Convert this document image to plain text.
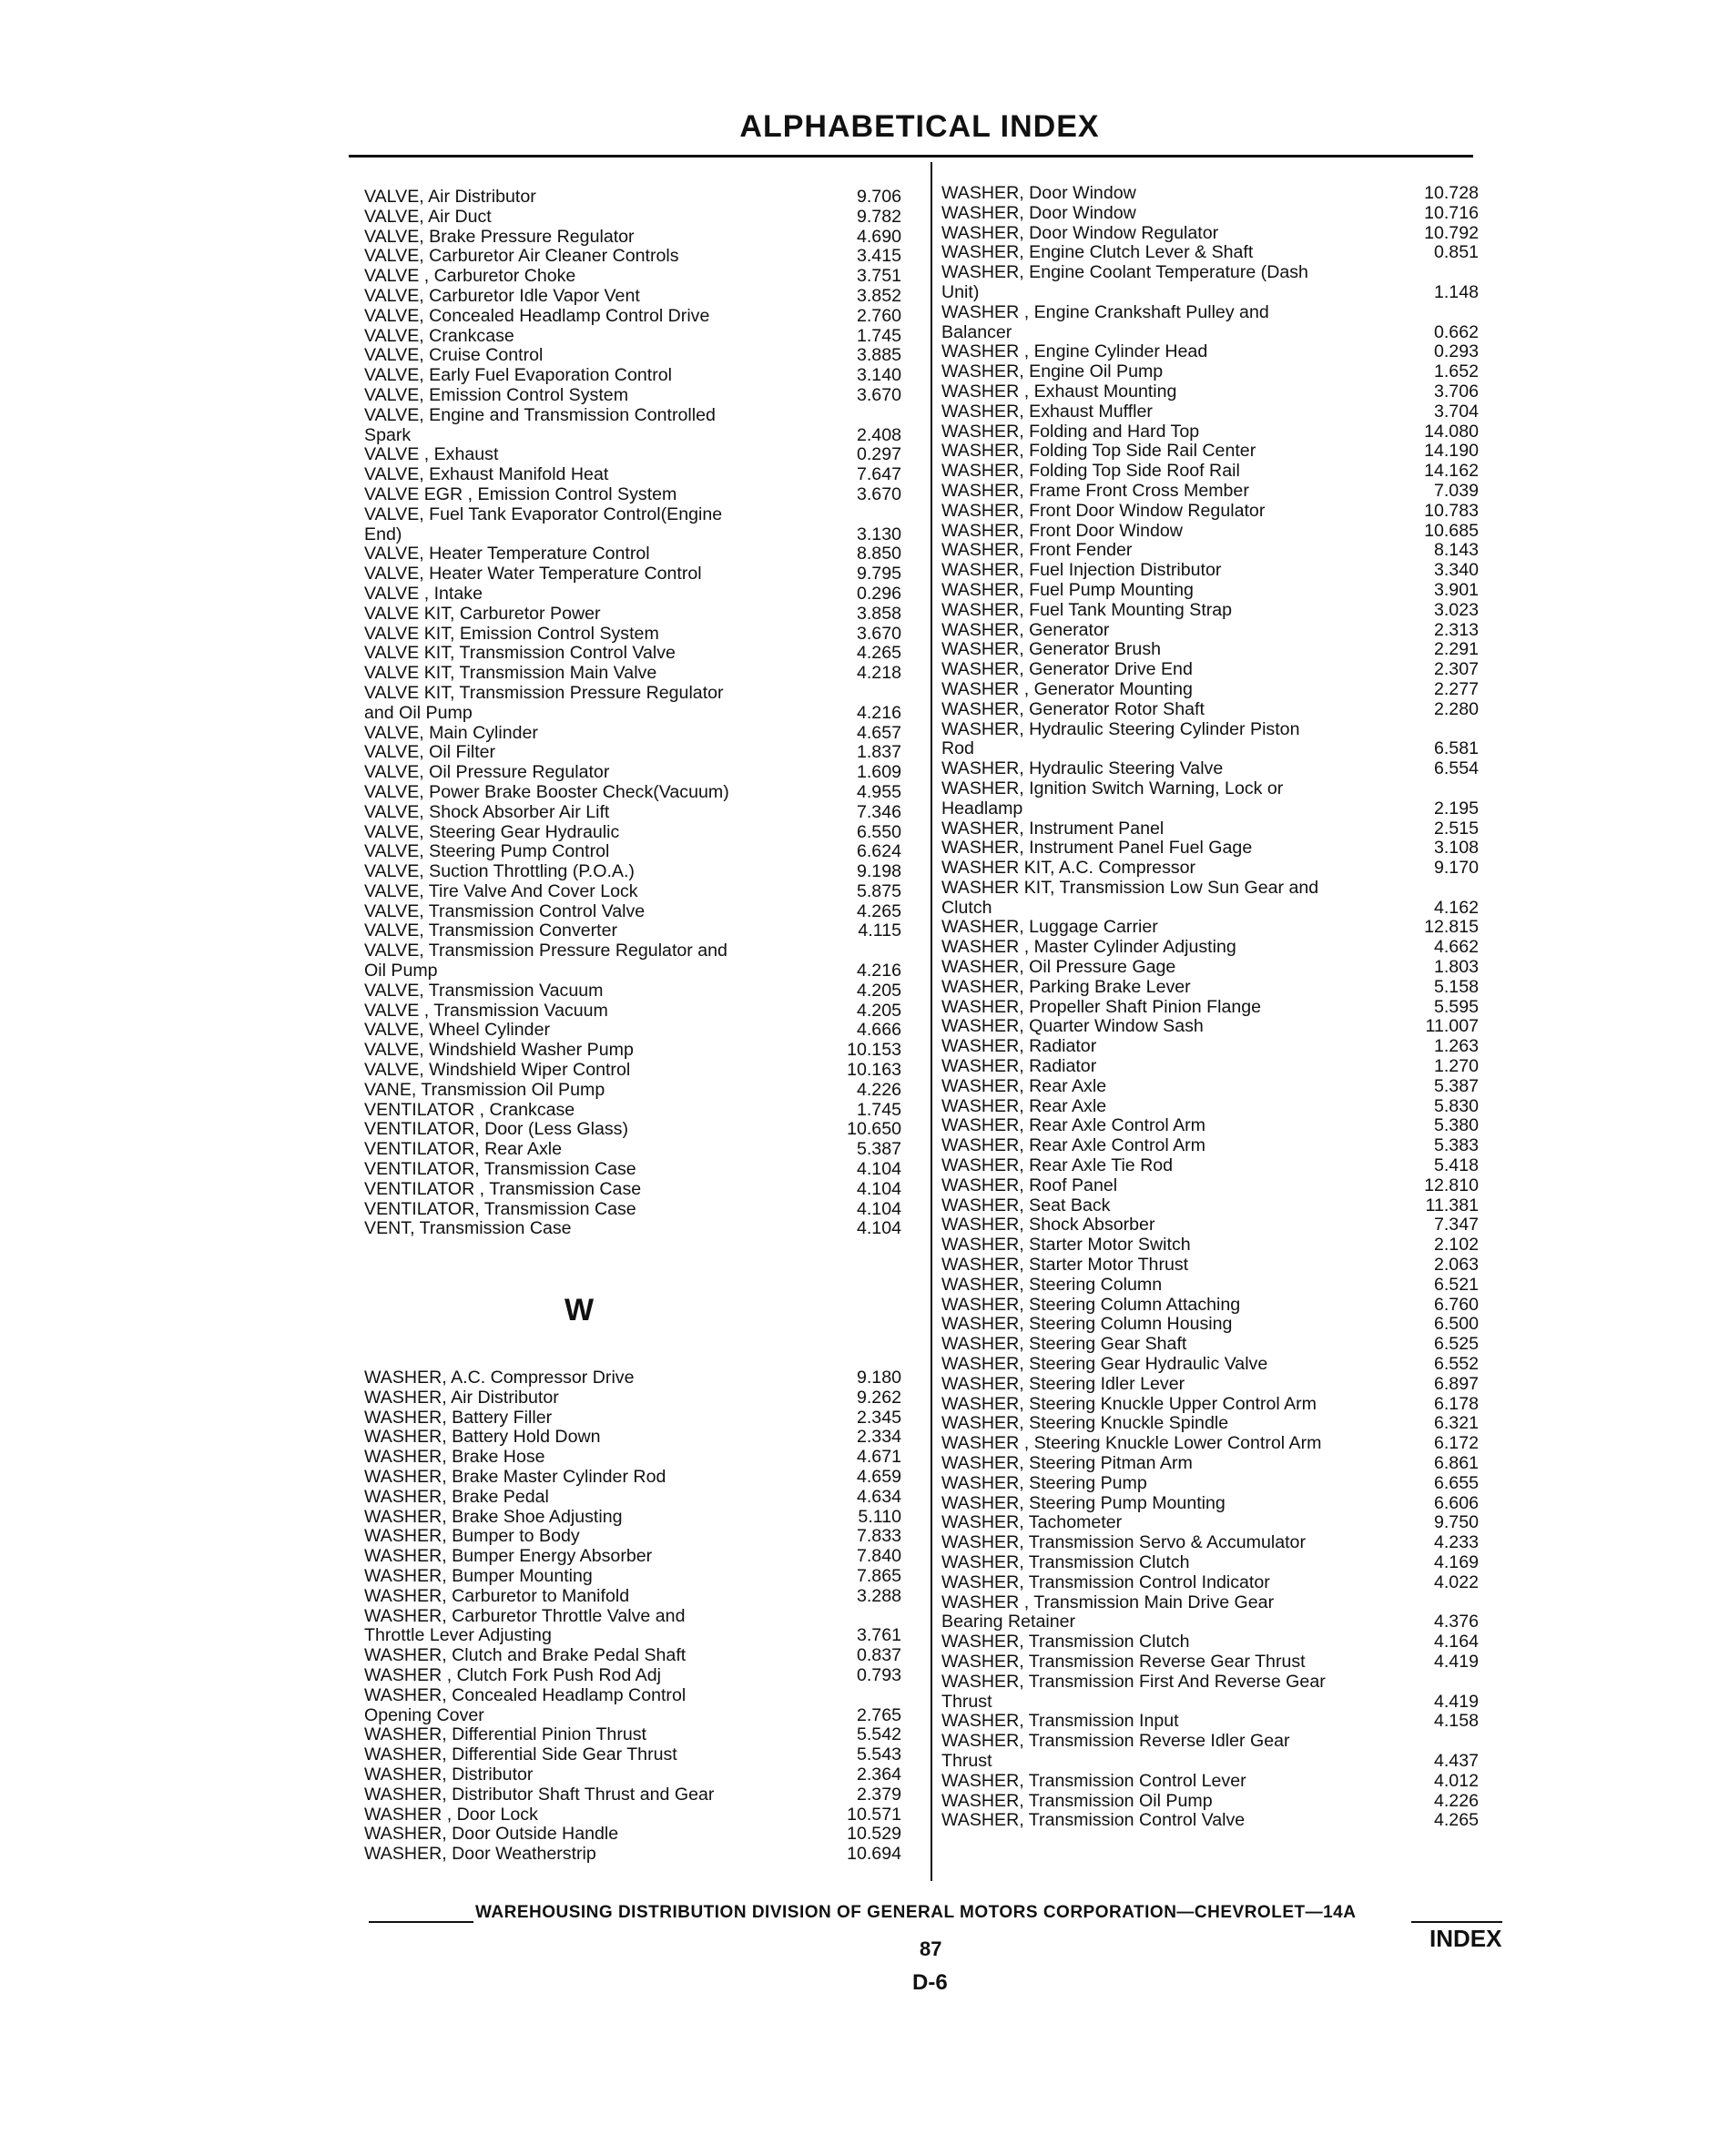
ALPHABETICAL INDEX
VALVE, Air Distributor	9.706
VALVE, Air Duct	9.782
VALVE, Brake Pressure Regulator	4.690
VALVE, Carburetor Air Cleaner Controls	3.415
VALVE , Carburetor Choke	3.751
VALVE, Carburetor Idle Vapor Vent	3.852
VALVE, Concealed Headlamp Control Drive	2.760
VALVE, Crankcase	1.745
VALVE, Cruise Control	3.885
VALVE, Early Fuel Evaporation Control	3.140
VALVE, Emission Control System	3.670
VALVE, Engine and Transmission Controlled
Spark	2.408
VALVE , Exhaust	0.297
VALVE, Exhaust Manifold Heat	7.647
VALVE EGR , Emission Control System	3.670
VALVE, Fuel Tank Evaporator Control(Engine
End)	3.130
VALVE, Heater Temperature Control	8.850
VALVE, Heater Water Temperature Control	9.795
VALVE , Intake	0.296
VALVE KIT, Carburetor Power	3.858
VALVE KIT, Emission Control System	3.670
VALVE KIT, Transmission Control Valve	4.265
VALVE KIT, Transmission Main Valve	4.218
VALVE KIT, Transmission Pressure Regulator
and Oil Pump	4.216
VALVE, Main Cylinder	4.657
VALVE, Oil Filter	1.837
VALVE, Oil Pressure Regulator	1.609
VALVE, Power Brake Booster Check(Vacuum)	4.955
VALVE, Shock Absorber Air Lift	7.346
VALVE, Steering Gear Hydraulic	6.550
VALVE, Steering Pump Control	6.624
VALVE, Suction Throttling (P.O.A.)	9.198
VALVE, Tire Valve And Cover Lock	5.875
VALVE, Transmission Control Valve	4.265
VALVE, Transmission Converter	4.115
VALVE, Transmission Pressure Regulator and
Oil Pump	4.216
VALVE, Transmission Vacuum	4.205
VALVE , Transmission Vacuum	4.205
VALVE, Wheel Cylinder	4.666
VALVE, Windshield Washer Pump	10.153
VALVE, Windshield Wiper Control	10.163
VANE, Transmission Oil Pump	4.226
VENTILATOR , Crankcase	1.745
VENTILATOR, Door (Less Glass)	10.650
VENTILATOR, Rear Axle	5.387
VENTILATOR, Transmission Case	4.104
VENTILATOR , Transmission Case	4.104
VENTILATOR, Transmission Case	4.104
VENT, Transmission Case	4.104
W
WASHER, A.C. Compressor Drive	9.180
WASHER, Air Distributor	9.262
WASHER, Battery Filler	2.345
WASHER, Battery Hold Down	2.334
WASHER, Brake Hose	4.671
WASHER, Brake Master Cylinder Rod	4.659
WASHER, Brake Pedal	4.634
WASHER, Brake Shoe Adjusting	5.110
WASHER, Bumper to Body	7.833
WASHER, Bumper Energy Absorber	7.840
WASHER, Bumper Mounting	7.865
WASHER, Carburetor to Manifold	3.288
WASHER, Carburetor Throttle Valve and
Throttle Lever Adjusting	3.761
WASHER, Clutch and Brake Pedal Shaft	0.837
WASHER , Clutch Fork Push Rod Adj	0.793
WASHER, Concealed Headlamp Control
Opening Cover	2.765
WASHER, Differential Pinion Thrust	5.542
WASHER, Differential Side Gear Thrust	5.543
WASHER, Distributor	2.364
WASHER, Distributor Shaft Thrust and Gear	2.379
WASHER , Door Lock	10.571
WASHER, Door Outside Handle	10.529
WASHER, Door Weatherstrip	10.694
WASHER, Door Window	10.728
WASHER, Door Window	10.716
WASHER, Door Window Regulator	10.792
WASHER, Engine Clutch Lever & Shaft	0.851
WASHER, Engine Coolant Temperature (Dash
Unit)	1.148
WASHER , Engine Crankshaft Pulley and
Balancer	0.662
WASHER , Engine Cylinder Head	0.293
WASHER, Engine Oil Pump	1.652
WASHER , Exhaust Mounting	3.706
WASHER, Exhaust Muffler	3.704
WASHER, Folding and Hard Top	14.080
WASHER, Folding Top Side Rail Center	14.190
WASHER, Folding Top Side Roof Rail	14.162
WASHER, Frame Front Cross Member	7.039
WASHER, Front Door Window Regulator	10.783
WASHER, Front Door Window	10.685
WASHER, Front Fender	8.143
WASHER, Fuel Injection Distributor	3.340
WASHER, Fuel Pump Mounting	3.901
WASHER, Fuel Tank Mounting Strap	3.023
WASHER, Generator	2.313
WASHER, Generator Brush	2.291
WASHER, Generator Drive End	2.307
WASHER , Generator Mounting	2.277
WASHER, Generator Rotor Shaft	2.280
WASHER, Hydraulic Steering Cylinder Piston
Rod	6.581
WASHER, Hydraulic Steering Valve	6.554
WASHER, Ignition Switch Warning, Lock or
Headlamp	2.195
WASHER, Instrument Panel	2.515
WASHER, Instrument Panel Fuel Gage	3.108
WASHER KIT, A.C. Compressor	9.170
WASHER KIT, Transmission Low Sun Gear and
Clutch	4.162
WASHER, Luggage Carrier	12.815
WASHER , Master Cylinder Adjusting	4.662
WASHER, Oil Pressure Gage	1.803
WASHER, Parking Brake Lever	5.158
WASHER, Propeller Shaft Pinion Flange	5.595
WASHER, Quarter Window Sash	11.007
WASHER, Radiator	1.263
WASHER, Radiator	1.270
WASHER, Rear Axle	5.387
WASHER, Rear Axle	5.830
WASHER, Rear Axle Control Arm	5.380
WASHER, Rear Axle Control Arm	5.383
WASHER, Rear Axle Tie Rod	5.418
WASHER, Roof Panel	12.810
WASHER, Seat Back	11.381
WASHER, Shock Absorber	7.347
WASHER, Starter Motor Switch	2.102
WASHER, Starter Motor Thrust	2.063
WASHER, Steering Column	6.521
WASHER, Steering Column Attaching	6.760
WASHER, Steering Column Housing	6.500
WASHER, Steering Gear Shaft	6.525
WASHER, Steering Gear Hydraulic Valve	6.552
WASHER, Steering Idler Lever	6.897
WASHER, Steering Knuckle Upper Control Arm	6.178
WASHER, Steering Knuckle Spindle	6.321
WASHER , Steering Knuckle Lower Control Arm	6.172
WASHER, Steering Pitman Arm	6.861
WASHER, Steering Pump	6.655
WASHER, Steering Pump Mounting	6.606
WASHER, Tachometer	9.750
WASHER, Transmission Servo & Accumulator	4.233
WASHER, Transmission Clutch	4.169
WASHER, Transmission Control Indicator	4.022
WASHER , Transmission Main Drive Gear
Bearing Retainer	4.376
WASHER, Transmission Clutch	4.164
WASHER, Transmission Reverse Gear Thrust	4.419
WASHER, Transmission First And Reverse Gear
Thrust	4.419
WASHER, Transmission Input	4.158
WASHER, Transmission Reverse Idler Gear
Thrust	4.437
WASHER, Transmission Control Lever	4.012
WASHER, Transmission Oil Pump	4.226
WASHER, Transmission Control Valve	4.265
WAREHOUSING DISTRIBUTION DIVISION OF GENERAL MOTORS CORPORATION—CHEVROLET—14A
INDEX
87
D-6
